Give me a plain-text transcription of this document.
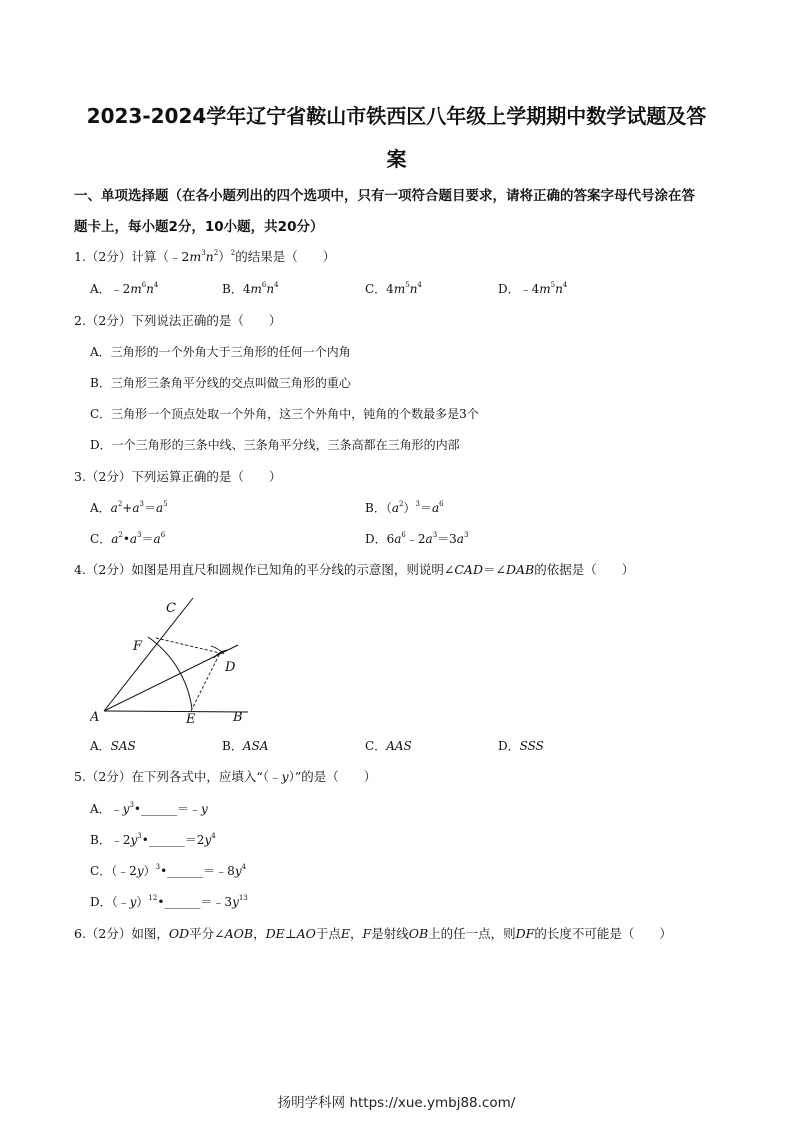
2023-2024学年辽宁省鞍山市铁西区八年级上学期期中数学试题及答
案
一、单项选择题（在各小题列出的四个选项中，只有一项符合题目要求，请将正确的答案字母代号涂在答
题卡上，每小题2分，10小题，共20分）
1.（2分）计算$(﹣2m^3n^2)^2$的结果是（　　）
A．$﹣2m^6n^4$	B．$4m^6n^4$	C．$4m^5n^4$	D．$﹣4m^5n^4$
2.（2分）下列说法正确的是（　　）
A．三角形的一个外角大于三角形的任何一个内角
B．三角形三条角平分线的交点叫做三角形的重心
C．三角形一个顶点处取一个外角，这三个外角中，钝角的个数最多是3个
D．一个三角形的三条中线、三条角平分线，三条高都在三角形的内部
3.（2分）下列运算正确的是（　　）
A．$a^2+a^3=a^5$	B．$(a^2)^3=a^6$
C．$a^2•a^3=a^6$	D．$6a^6﹣2a^3=3a^3$
4.（2分）如图是用直尺和圆规作已知角的平分线的示意图，则说明∠CAD＝∠DAB的依据是（　　）
A	B
C
D
E
F
A．SAS	B．ASA	C．AAS	D．SSS
5.（2分）在下列各式中，应填入“（﹣y）”的是（　　）
A．$﹣y^3•\_\_\_\_\_\_=﹣y$
B．$﹣2y^3•\_\_\_\_\_\_=2y^4$
C．$(﹣2y)^3•\_\_\_\_\_\_=﹣8y^4$
D．$(﹣y)^{12}•\_\_\_\_\_\_=﹣3y^{13}$
6.（2分）如图，OD平分∠AOB，DE⊥AO于点E，F是射线OB上的任一点，则DF的长度不可能是（　　）
扬明学科网 https://xue.ymbj88.com/
